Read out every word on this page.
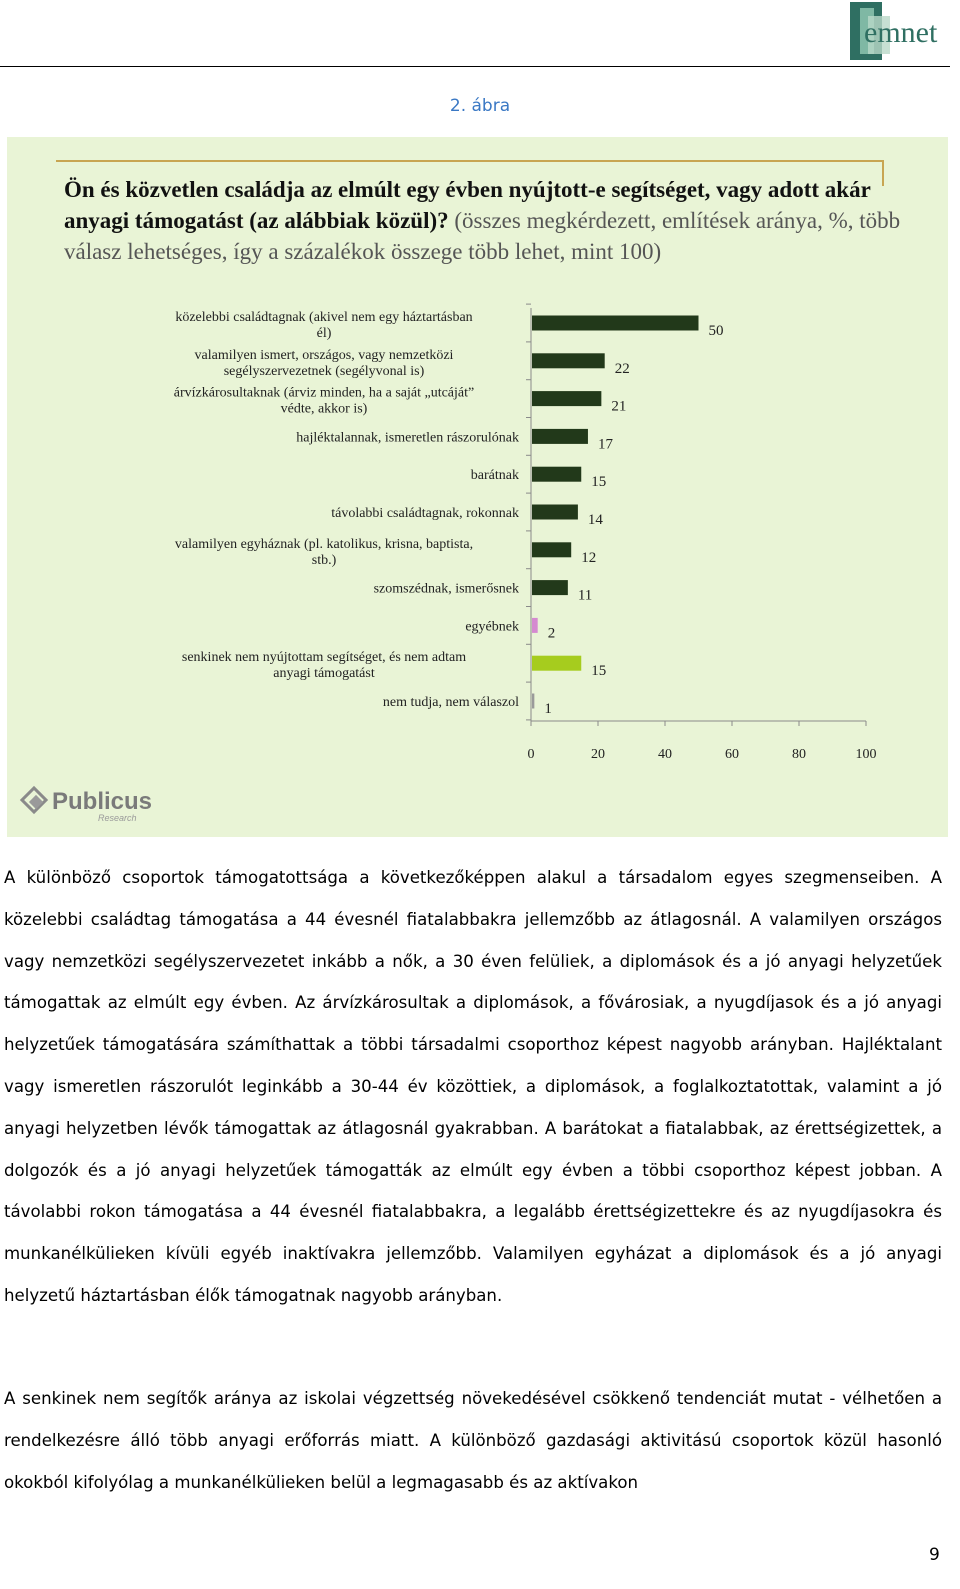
emnet
2. ábra
Ön és közvetlen családja az elmúlt egy évben nyújtott-e segítséget, vagy adott akár anyagi támogatást (az alábbiak közül)? (összes megkérdezett, említések aránya, %, több válasz lehetséges, így a százalékok összege több lehet, mint 100)
50
közelebbi családtagnak (akivel nem egy háztartásban él)
22
valamilyen ismert, országos, vagy nemzetközi segélyszervezetnek (segélyvonal is)
21
árvízkárosultaknak (árviz minden, ha a saját „utcáját” védte, akkor is)
17
hajléktalannak, ismeretlen rászorulónak
15
barátnak
14
távolabbi családtagnak, rokonnak
12
valamilyen egyháznak (pl. katolikus, krisna, baptista, stb.)
11
szomszédnak, ismerősnek
2
egyébnek
15
senkinek nem nyújtottam segítséget, és nem adtam anyagi támogatást
1
nem tudja, nem válaszol
0	20	40	60	80	100
Publicus
Research
A különböző csoportok támogatottsága a következőképpen alakul a társadalom egyes szegmenseiben. A közelebbi családtag támogatása a 44 évesnél fiatalabbakra jellemzőbb az átlagosnál. A valamilyen országos vagy nemzetközi segélyszervezetet inkább a nők, a 30 éven felüliek, a diplomások és a jó anyagi helyzetűek támogattak az elmúlt egy évben. Az árvízkárosultak a diplomások, a fővárosiak, a nyugdíjasok és a jó anyagi helyzetűek támogatására számíthattak a többi társadalmi csoporthoz képest nagyobb arányban. Hajléktalant vagy ismeretlen rászorulót leginkább a 30-44 év közöttiek, a diplomások, a foglalkoztatottak, valamint a jó anyagi helyzetben lévők támogattak az átlagosnál gyakrabban. A barátokat a fiatalabbak, az érettségizettek, a dolgozók és a jó anyagi helyzetűek támogatták az elmúlt egy évben a többi csoporthoz képest jobban. A távolabbi rokon támogatása a 44 évesnél fiatalabbakra, a legalább érettségizettekre és az nyugdíjasokra és munkanélkülieken kívüli egyéb inaktívakra jellemzőbb. Valamilyen egyházat a diplomások és a jó anyagi helyzetű háztartásban élők támogatnak nagyobb arányban.
A senkinek nem segítők aránya az iskolai végzettség növekedésével csökkenő tendenciát mutat - vélhetően a rendelkezésre álló több anyagi erőforrás miatt. A különböző gazdasági aktivitású csoportok közül hasonló okokból kifolyólag a munkanélkülieken belül a legmagasabb és az aktívakon
9
